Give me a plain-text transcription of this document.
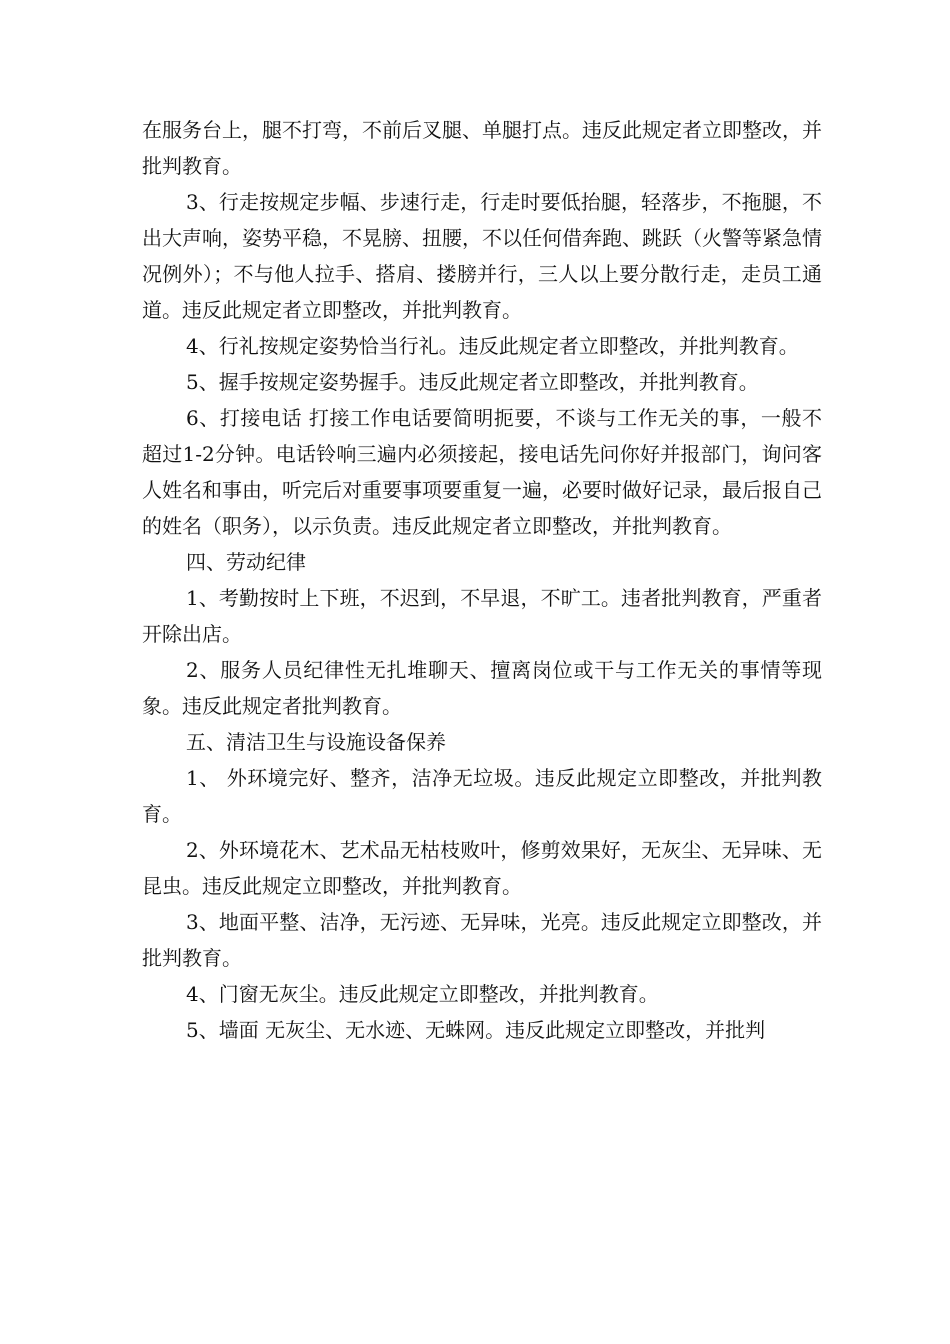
在服务台上，腿不打弯，不前后叉腿、单腿打点。违反此规定者立即整改，并批判教育。

3、行走按规定步幅、步速行走，行走时要低抬腿，轻落步，不拖腿，不出大声响，姿势平稳，不晃膀、扭腰，不以任何借奔跑、跳跃（火警等紧急情况例外）；不与他人拉手、搭肩、搂膀并行，三人以上要分散行走，走员工通道。违反此规定者立即整改，并批判教育。

4、行礼按规定姿势恰当行礼。违反此规定者立即整改，并批判教育。

5、握手按规定姿势握手。违反此规定者立即整改，并批判教育。

6、打接电话 打接工作电话要简明扼要，不谈与工作无关的事，一般不超过1-2分钟。电话铃响三遍内必须接起，接电话先问你好并报部门，询问客人姓名和事由，听完后对重要事项要重复一遍，必要时做好记录，最后报自己的姓名（职务），以示负责。违反此规定者立即整改，并批判教育。

四、劳动纪律

1、考勤按时上下班，不迟到，不早退，不旷工。违者批判教育，严重者开除出店。

2、服务人员纪律性无扎堆聊天、擅离岗位或干与工作无关的事情等现象。违反此规定者批判教育。

五、清洁卫生与设施设备保养

1、 外环境完好、整齐，洁净无垃圾。违反此规定立即整改，并批判教育。

2、外环境花木、艺术品无枯枝败叶，修剪效果好，无灰尘、无异味、无昆虫。违反此规定立即整改，并批判教育。

3、地面平整、洁净，无污迹、无异味，光亮。违反此规定立即整改，并批判教育。

4、门窗无灰尘。违反此规定立即整改，并批判教育。

5、墙面 无灰尘、无水迹、无蛛网。违反此规定立即整改，并批判
